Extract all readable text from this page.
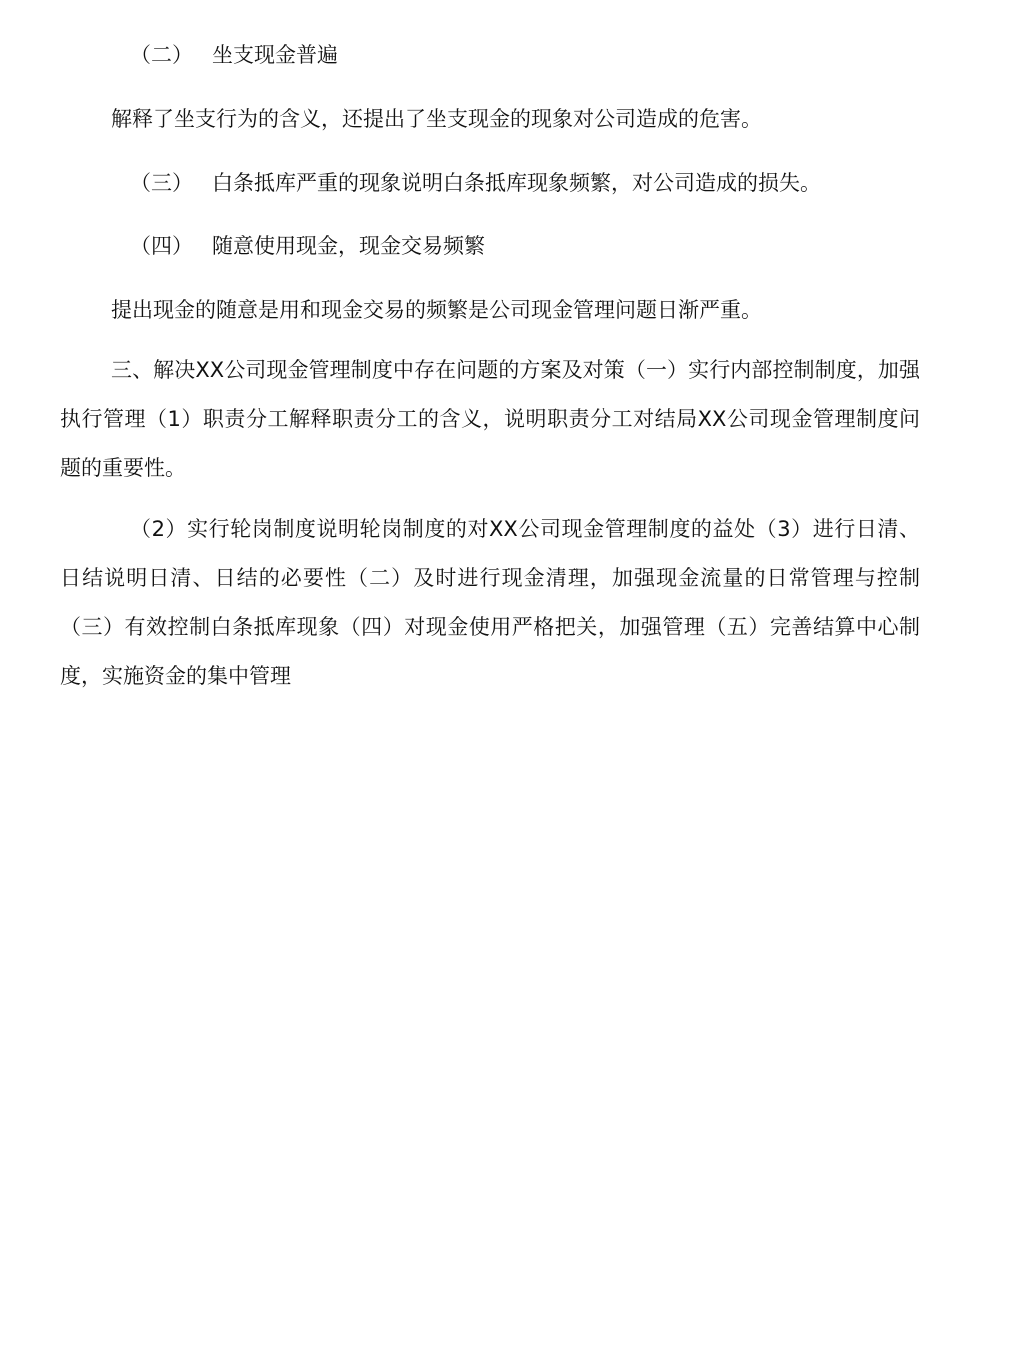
（二） 坐支现金普遍
解释了坐支行为的含义，还提出了坐支现金的现象对公司造成的危害。
（三） 白条抵库严重的现象说明白条抵库现象频繁，对公司造成的损失。
（四） 随意使用现金，现金交易频繁
提出现金的随意是用和现金交易的频繁是公司现金管理问题日渐严重。
三、解决XX公司现金管理制度中存在问题的方案及对策（一）实行内部控制制度，加强执行管理（1）职责分工解释职责分工的含义，说明职责分工对结局XX公司现金管理制度问题的重要性。
（2）实行轮岗制度说明轮岗制度的对XX公司现金管理制度的益处（3）进行日清、日结说明日清、日结的必要性（二）及时进行现金清理，加强现金流量的日常管理与控制（三）有效控制白条抵库现象（四）对现金使用严格把关，加强管理（五）完善结算中心制度，实施资金的集中管理
